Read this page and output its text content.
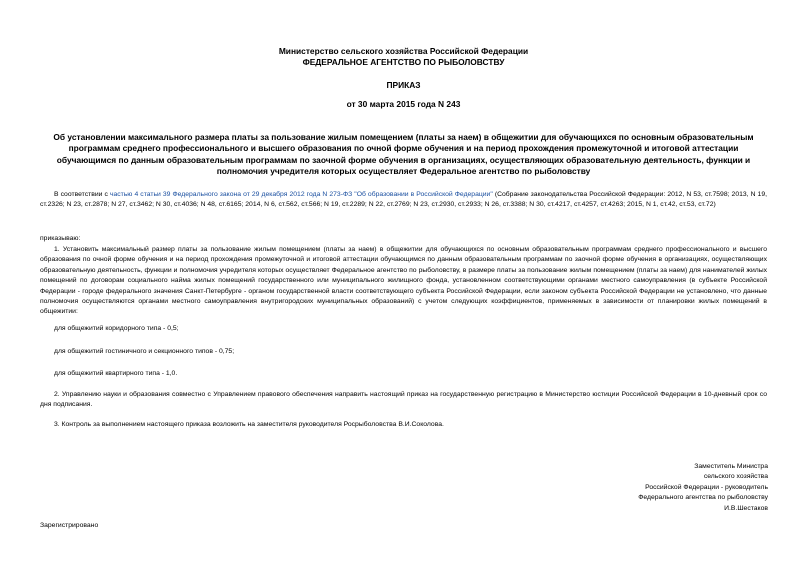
Министерство сельского хозяйства Российской Федерации
ФЕДЕРАЛЬНОЕ АГЕНТСТВО ПО РЫБОЛОВСТВУ
ПРИКАЗ
от 30 марта 2015 года N 243
Об установлении максимального размера платы за пользование жилым помещением (платы за наем) в общежитии для обучающихся по основным образовательным программам среднего профессионального и высшего образования по очной форме обучения и на период прохождения промежуточной и итоговой аттестации обучающимся по данным образовательным программам по заочной форме обучения в организациях, осуществляющих образовательную деятельность, функции и полномочия учредителя которых осуществляет Федеральное агентство по рыболовству

В соответствии с частью 4 статьи 39 Федерального закона от 29 декабря 2012 года N 273-ФЗ "Об образовании в Российской Федерации" (Собрание законодательства Российской Федерации: 2012, N 53, ст.7598; 2013, N 19, ст.2326; N 23, ст.2878; N 27, ст.3462; N 30, ст.4036; N 48, ст.6165; 2014, N 6, ст.562, ст.566; N 19, ст.2289; N 22, ст.2769; N 23, ст.2930, ст.2933; N 26, ст.3388; N 30, ст.4217, ст.4257, ст.4263; 2015, N 1, ст.42, ст.53, ст.72)

приказываю:

1. Установить максимальный размер платы за пользование жилым помещением (платы за наем) в общежитии для обучающихся по основным образовательным программам среднего профессионального и высшего образования по очной форме обучения и на период прохождения промежуточной и итоговой аттестации обучающимся по данным образовательным программам по заочной форме обучения в организациях, осуществляющих образовательную деятельность, функции и полномочия учредителя которых осуществляет Федеральное агентство по рыболовству, в размере платы за пользование жилым помещением (платы за наем) для нанимателей жилых помещений по договорам социального найма жилых помещений государственного или муниципального жилищного фонда, установленном соответствующими органами местного самоуправления (в субъекте Российской Федерации - городе федерального значения Санкт-Петербурге - органом государственной власти соответствующего субъекта Российской Федерации, если законом субъекта Российской Федерации не установлено, что данные полномочия осуществляются органами местного самоуправления внутригородских муниципальных образований) с учетом следующих коэффициентов, применяемых в зависимости от планировки жилых помещений в общежитии:

для общежитий коридорного типа - 0,5;
для общежитий гостиничного и секционного типов - 0,75;
для общежитий квартирного типа - 1,0.

2. Управлению науки и образования совместно с Управлением правового обеспечения направить настоящий приказ на государственную регистрацию в Министерство юстиции Российской Федерации в 10-дневный срок со дня подписания.

3. Контроль за выполнением настоящего приказа возложить на заместителя руководителя Росрыболовства В.И.Соколова.

Заместитель Министра
сельского хозяйства
Российской Федерации - руководитель
Федерального агентства по рыболовству
И.В.Шестаков
Зарегистрировано
